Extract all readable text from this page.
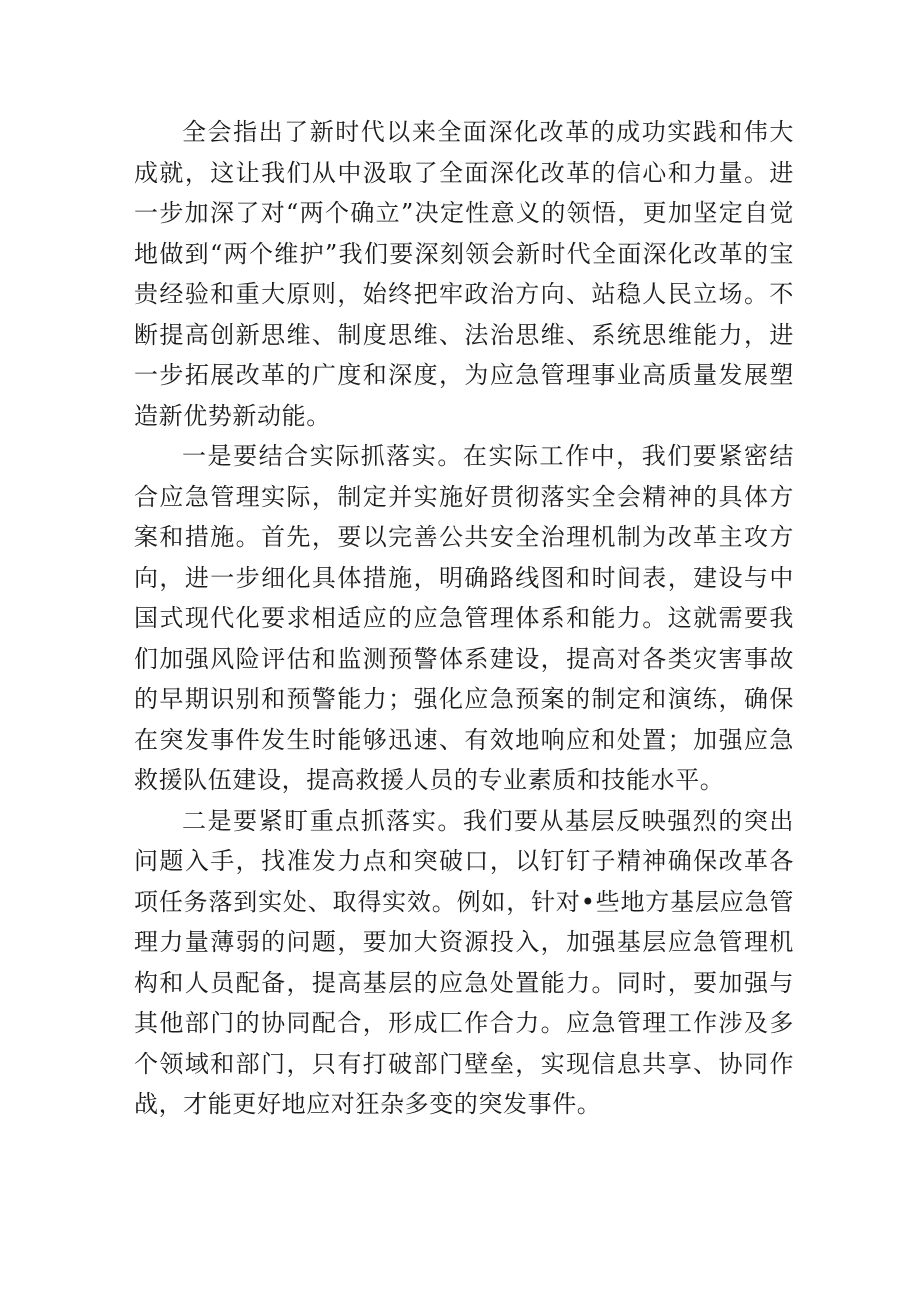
全会指出了新时代以来全面深化改革的成功实践和伟大成就，这让我们从中汲取了全面深化改革的信心和力量。进一步加深了对“两个确立”决定性意义的领悟，更加坚定自觉地做到“两个维护”我们要深刻领会新时代全面深化改革的宝贵经验和重大原则，始终把牢政治方向、站稳人民立场。不断提高创新思维、制度思维、法治思维、系统思维能力，进一步拓展改革的广度和深度，为应急管理事业高质量发展塑造新优势新动能。

一是要结合实际抓落实。在实际工作中，我们要紧密结合应急管理实际，制定并实施好贯彻落实全会精神的具体方案和措施。首先，要以完善公共安全治理机制为改革主攻方向，进一步细化具体措施，明确路线图和时间表，建设与中国式现代化要求相适应的应急管理体系和能力。这就需要我们加强风险评估和监测预警体系建设，提高对各类灾害事故的早期识别和预警能力；强化应急预案的制定和演练，确保在突发事件发生时能够迅速、有效地响应和处置；加强应急救援队伍建设，提高救援人员的专业素质和技能水平。

二是要紧盯重点抓落实。我们要从基层反映强烈的突出问题入手，找准发力点和突破口，以钉钉子精神确保改革各项任务落到实处、取得实效。例如，针对•些地方基层应急管理力量薄弱的问题，要加大资源投入，加强基层应急管理机构和人员配备，提高基层的应急处置能力。同时，要加强与其他部门的协同配合，形成匚作合力。应急管理工作涉及多个领域和部门，只有打破部门壁垒，实现信息共享、协同作战，才能更好地应对狂杂多变的突发事件。
